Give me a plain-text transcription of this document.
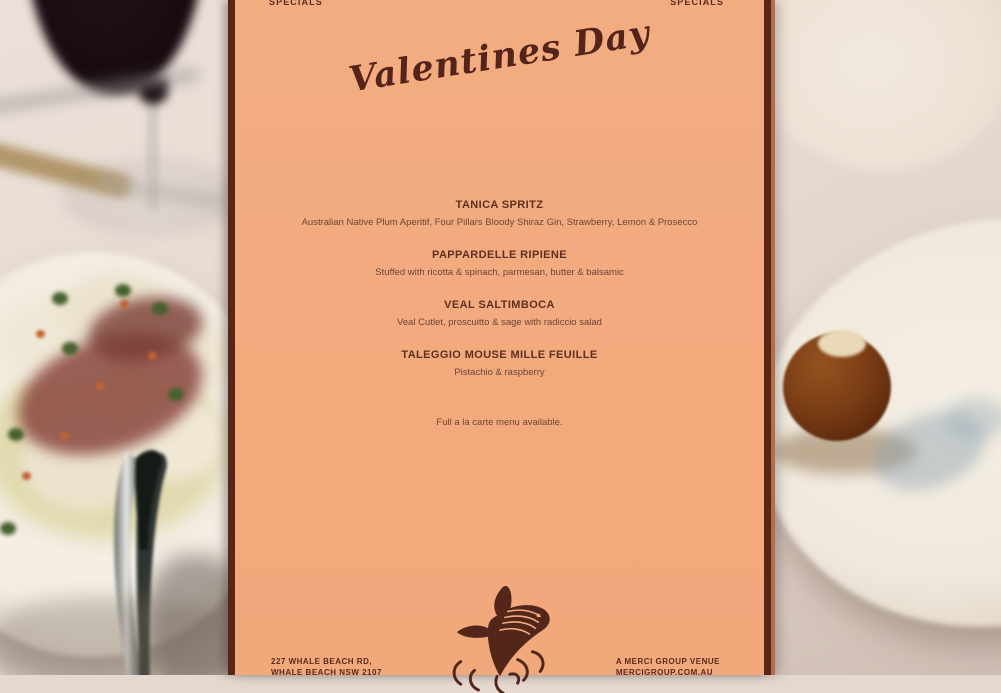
SPECIALS	SPECIALS
Valentines Day
TANICA SPRITZ

Australian Native Plum Aperitif, Four Pillars Bloody Shiraz Gin, Strawberry, Lemon & Prosecco

PAPPARDELLE RIPIENE

Stuffed with ricotta & spinach, parmesan, butter & balsamic

VEAL SALTIMBOCA

Veal Cutlet, proscuitto & sage with radiccio salad

TALEGGIO MOUSE MILLE FEUILLE

Pistachio & raspberry

Full a la carte menu available.

227 WHALE BEACH RD,
WHALE BEACH NSW 2107
A MERCI GROUP VENUE
MERCIGROUP.COM.AU
